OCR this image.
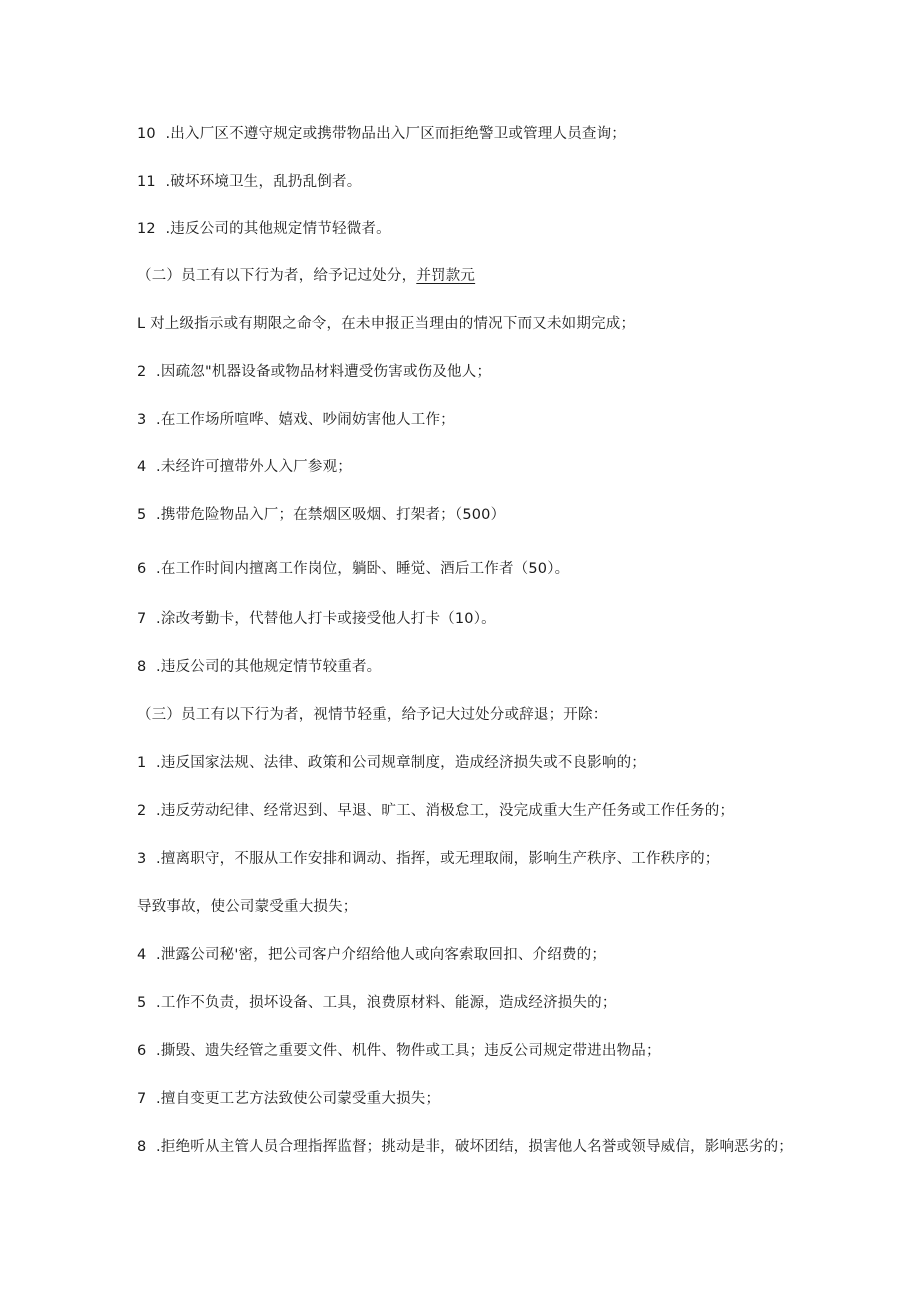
10  .出入厂区不遵守规定或携带物品出入厂区而拒绝警卫或管理人员查询；
11  .破坏环境卫生，乱扔乱倒者。
12  .违反公司的其他规定情节轻微者。
（二）员工有以下行为者，给予记过处分，并罚款元
L 对上级指示或有期限之命令，在未申报正当理由的情况下而又未如期完成；
2  .因疏忽"机器设备或物品材料遭受伤害或伤及他人；
3  .在工作场所喧哗、嬉戏、吵闹妨害他人工作；
4  .未经许可擅带外人入厂参观；
5  .携带危险物品入厂；在禁烟区吸烟、打架者；（500）
6  .在工作时间内擅离工作岗位，躺卧、睡觉、酒后工作者（50）。
7  .涂改考勤卡，代替他人打卡或接受他人打卡（10）。
8  .违反公司的其他规定情节较重者。
（三）员工有以下行为者，视情节轻重，给予记大过处分或辞退；开除：
1  .违反国家法规、法律、政策和公司规章制度，造成经济损失或不良影响的；
2  .违反劳动纪律、经常迟到、早退、旷工、消极怠工，没完成重大生产任务或工作任务的；
3  .擅离职守，不服从工作安排和调动、指挥，或无理取闹，影响生产秩序、工作秩序的；
导致事故，使公司蒙受重大损失；
4  .泄露公司秘'密，把公司客户介绍给他人或向客索取回扣、介绍费的；
5  .工作不负责，损坏设备、工具，浪费原材料、能源，造成经济损失的；
6  .撕毁、遗失经管之重要文件、机件、物件或工具；违反公司规定带进出物品；
7  .擅自变更工艺方法致使公司蒙受重大损失；
8  .拒绝听从主管人员合理指挥监督；挑动是非，破坏团结，损害他人名誉或领导威信，影响恶劣的；
